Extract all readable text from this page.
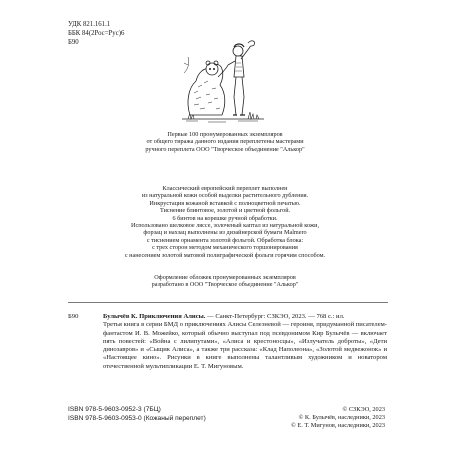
УДК 821.161.1
ББК 84(2Рос=Рус)6
Б90
Первые 100 пронумерованных экземпляров
от общего тиража данного издания переплетены мастерами
ручного переплета ООО "Творческое объединение "Алькор"
Классический европейский переплет выполнен
из натуральной кожи особой выделки растительного дубления.
Инкрустация кожаной вставкой с полноцветной печатью.
Тиснение блинтовое, золотой и цветной фольгой.
6 бинтов на корешке ручной обработки.
Использовано шелковое ляссе, золоченый каптал из натуральной кожи,
форзац и нахзац выполнены из дизайнерской бумаги Malmero
с тиснением орнамента золотой фольгой. Обработка блока:
с трех сторон методом механического торшонирования
с нанесением золотой матовой полиграфической фольги горячим способом.
Оформление обложек пронумерованных экземпляров
разработано в ООО "Творческое объединение "Алькор"
Б90	Булычёв К. Приключения Алисы. — Санкт-Петербург: СЗКЭО, 2023. — 768 с.: ил.

Третья книга в серии БМД о приключениях Алисы Селезневой — героиня, придуманной писателем-фантастом И. В. Можейко, который обычно выступал под псевдонимом Кир Булычёв — включает пять повестей: «Война с лилипутами», «Алиса и крестоносцы», «Излучатель доброты», «Дети динозавров» и «Сыщик Алиса», а также три рассказа: «Клад Наполеона», «Золотой медвежонок» и «Настоящее кино». Рисунки в книге выполнены талантливым художником и новатором отечественной мультипликации Е. Т. Мигуновым.

ISBN 978-5-9603-0952-3 (7БЦ)
ISBN 978-5-9603-0953-0 (Кожаный переплет)
© СЗКЭО, 2023
© К. Булычёв, наследники, 2023
© Е. Т. Мигунов, наследники, 2023
